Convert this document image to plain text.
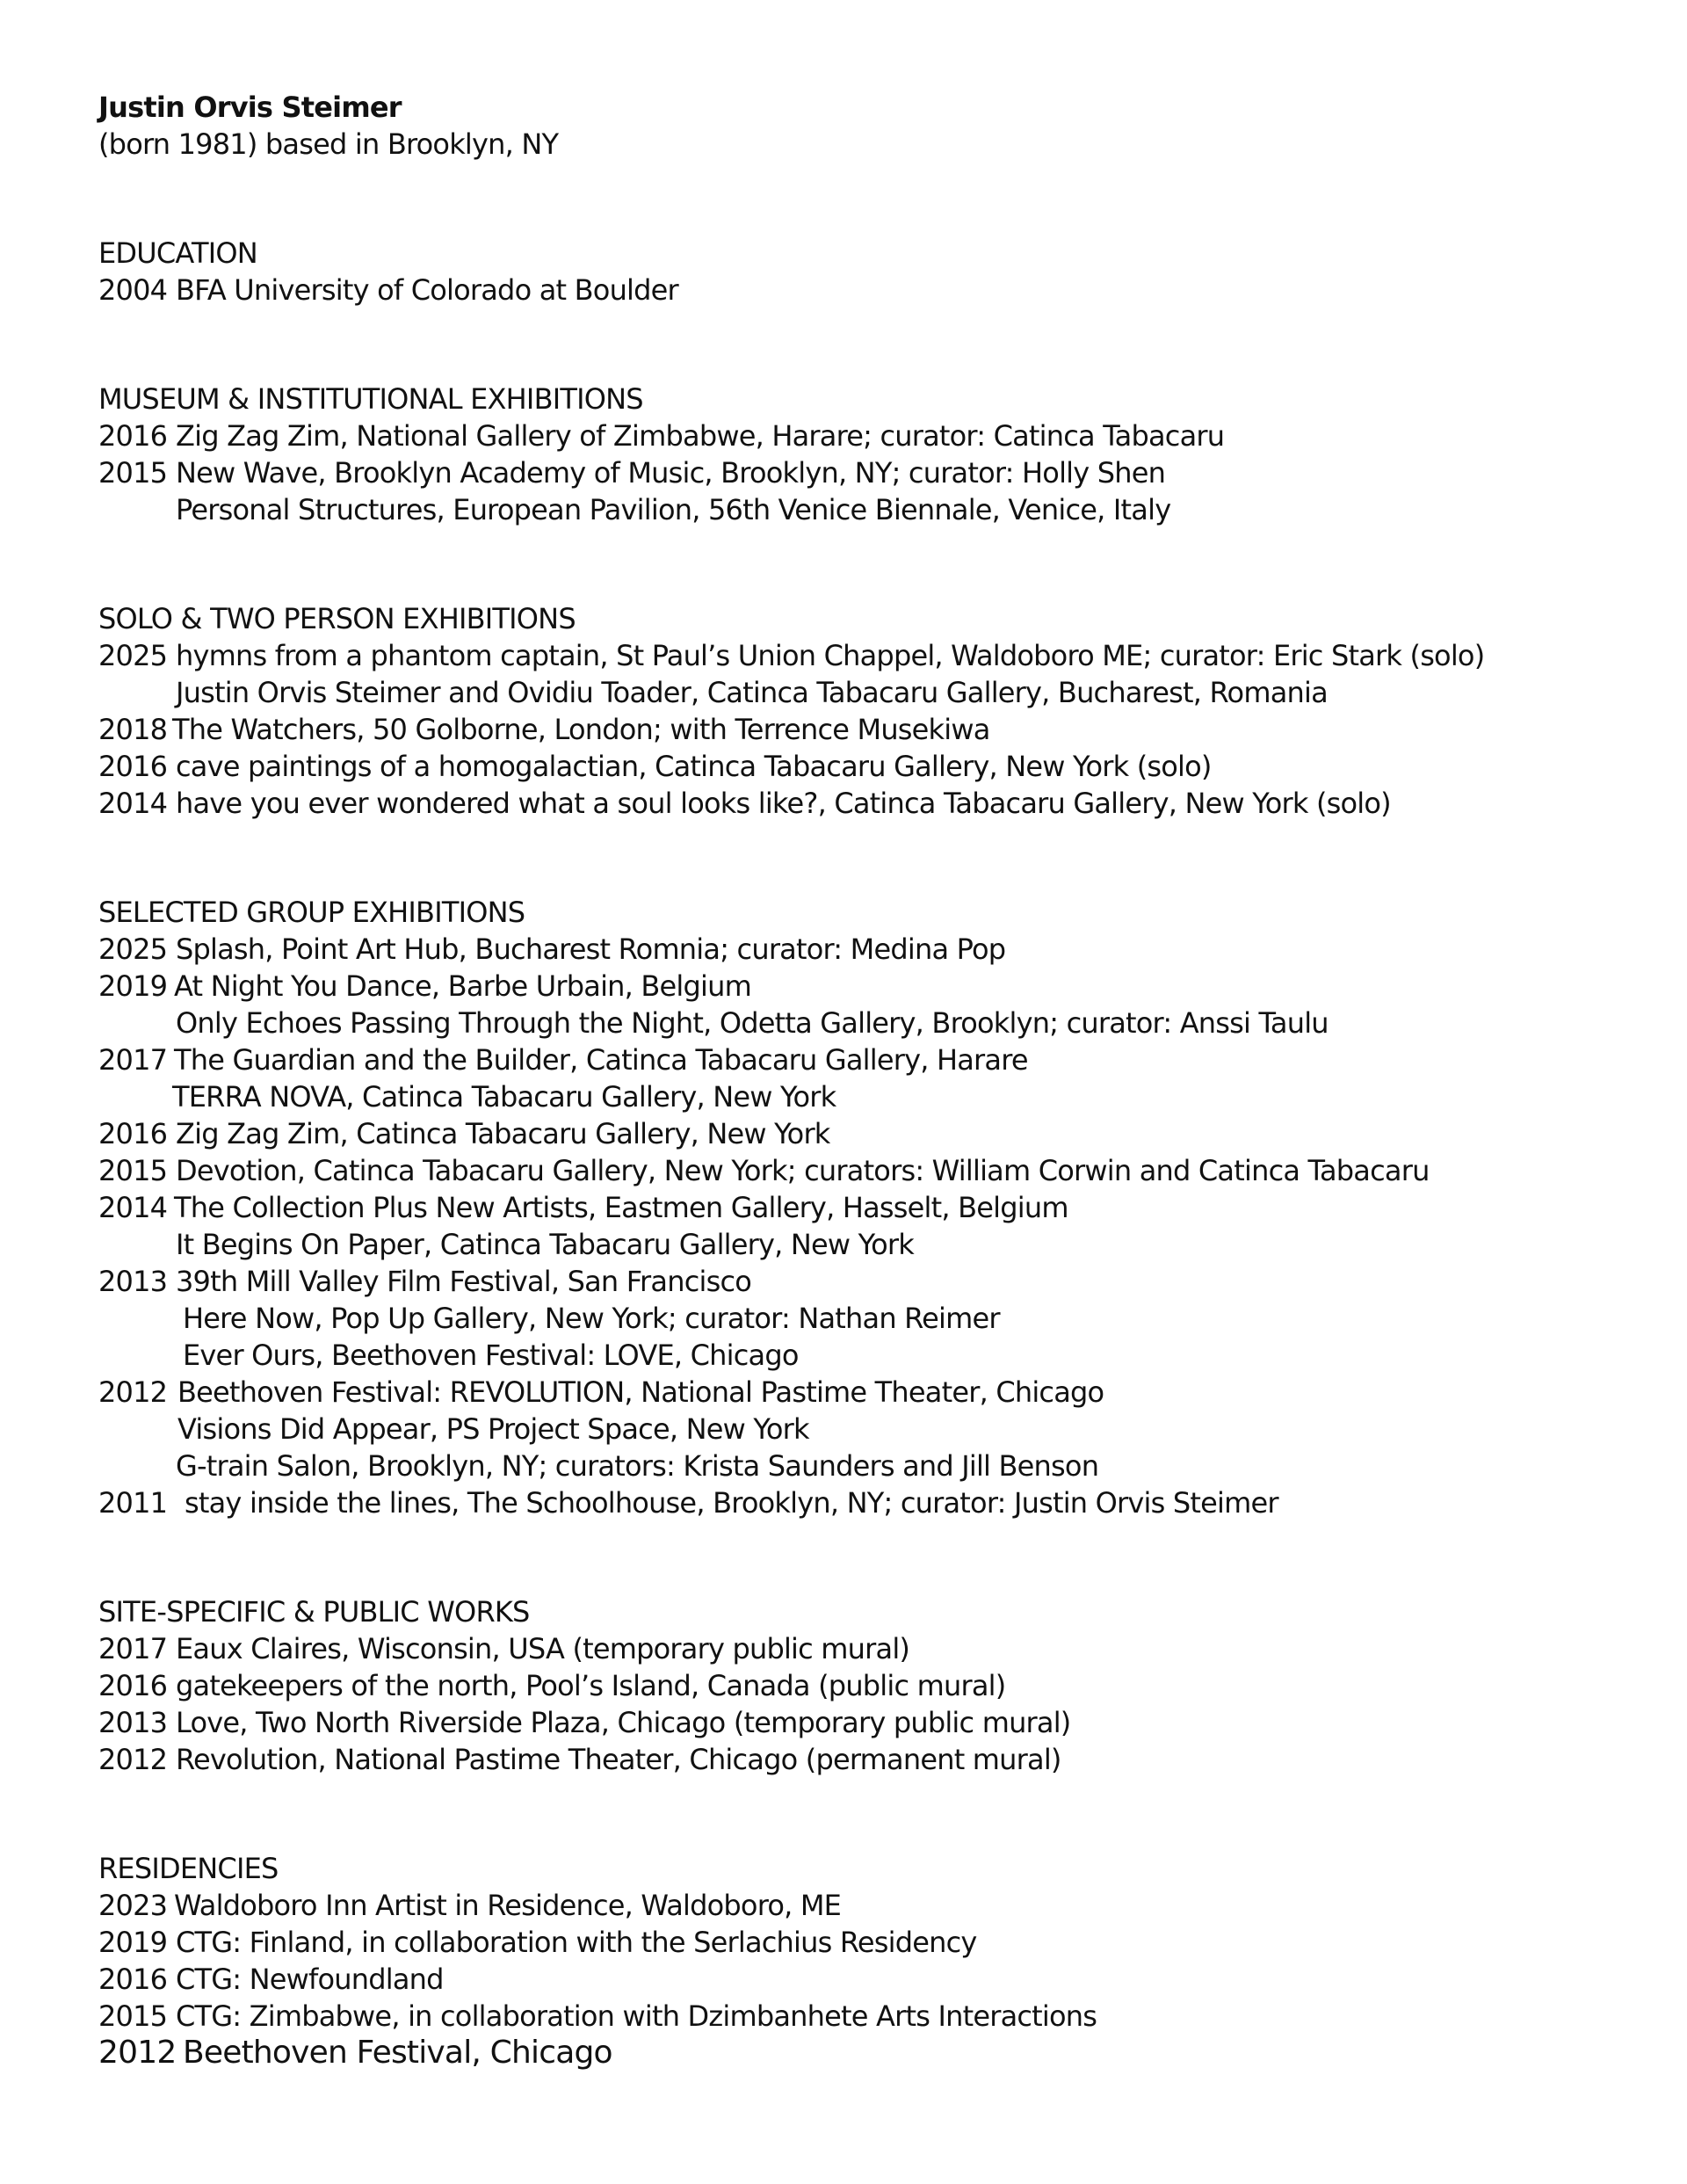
Justin Orvis Steimer
(born 1981) based in Brooklyn, NY
EDUCATION
2004 BFA University of Colorado at Boulder
MUSEUM & INSTITUTIONAL EXHIBITIONS
2016 Zig Zag Zim, National Gallery of Zimbabwe, Harare; curator: Catinca Tabacaru
2015 New Wave, Brooklyn Academy of Music, Brooklyn, NY; curator: Holly Shen
Personal Structures, European Pavilion, 56th Venice Biennale, Venice, Italy
SOLO & TWO PERSON EXHIBITIONS
2025 hymns from a phantom captain, St Paul’s Union Chappel, Waldoboro ME; curator: Eric Stark (solo)
Justin Orvis Steimer and Ovidiu Toader, Catinca Tabacaru Gallery, Bucharest, Romania
2018 The Watchers, 50 Golborne, London; with Terrence Musekiwa
2016 cave paintings of a homogalactian, Catinca Tabacaru Gallery, New York (solo)
2014 have you ever wondered what a soul looks like?, Catinca Tabacaru Gallery, New York (solo)
SELECTED GROUP EXHIBITIONS
2025 Splash, Point Art Hub, Bucharest Romnia; curator: Medina Pop
2019 At Night You Dance, Barbe Urbain, Belgium
Only Echoes Passing Through the Night, Odetta Gallery, Brooklyn; curator: Anssi Taulu
2017 The Guardian and the Builder, Catinca Tabacaru Gallery, Harare
TERRA NOVA, Catinca Tabacaru Gallery, New York
2016 Zig Zag Zim, Catinca Tabacaru Gallery, New York
2015 Devotion, Catinca Tabacaru Gallery, New York; curators: William Corwin and Catinca Tabacaru
2014 The Collection Plus New Artists, Eastmen Gallery, Hasselt, Belgium
It Begins On Paper, Catinca Tabacaru Gallery, New York
2013 39th Mill Valley Film Festival, San Francisco
Here Now, Pop Up Gallery, New York; curator: Nathan Reimer
Ever Ours, Beethoven Festival: LOVE, Chicago
2012 Beethoven Festival: REVOLUTION, National Pastime Theater, Chicago
Visions Did Appear, PS Project Space, New York
G-train Salon, Brooklyn, NY; curators: Krista Saunders and Jill Benson
2011 stay inside the lines, The Schoolhouse, Brooklyn, NY; curator: Justin Orvis Steimer
SITE-SPECIFIC & PUBLIC WORKS
2017 Eaux Claires, Wisconsin, USA (temporary public mural)
2016 gatekeepers of the north, Pool’s Island, Canada (public mural)
2013 Love, Two North Riverside Plaza, Chicago (temporary public mural)
2012 Revolution, National Pastime Theater, Chicago (permanent mural)
RESIDENCIES
2023 Waldoboro Inn Artist in Residence, Waldoboro, ME
2019 CTG: Finland, in collaboration with the Serlachius Residency
2016 CTG: Newfoundland
2015 CTG: Zimbabwe, in collaboration with Dzimbanhete Arts Interactions
2012 Beethoven Festival, Chicago
